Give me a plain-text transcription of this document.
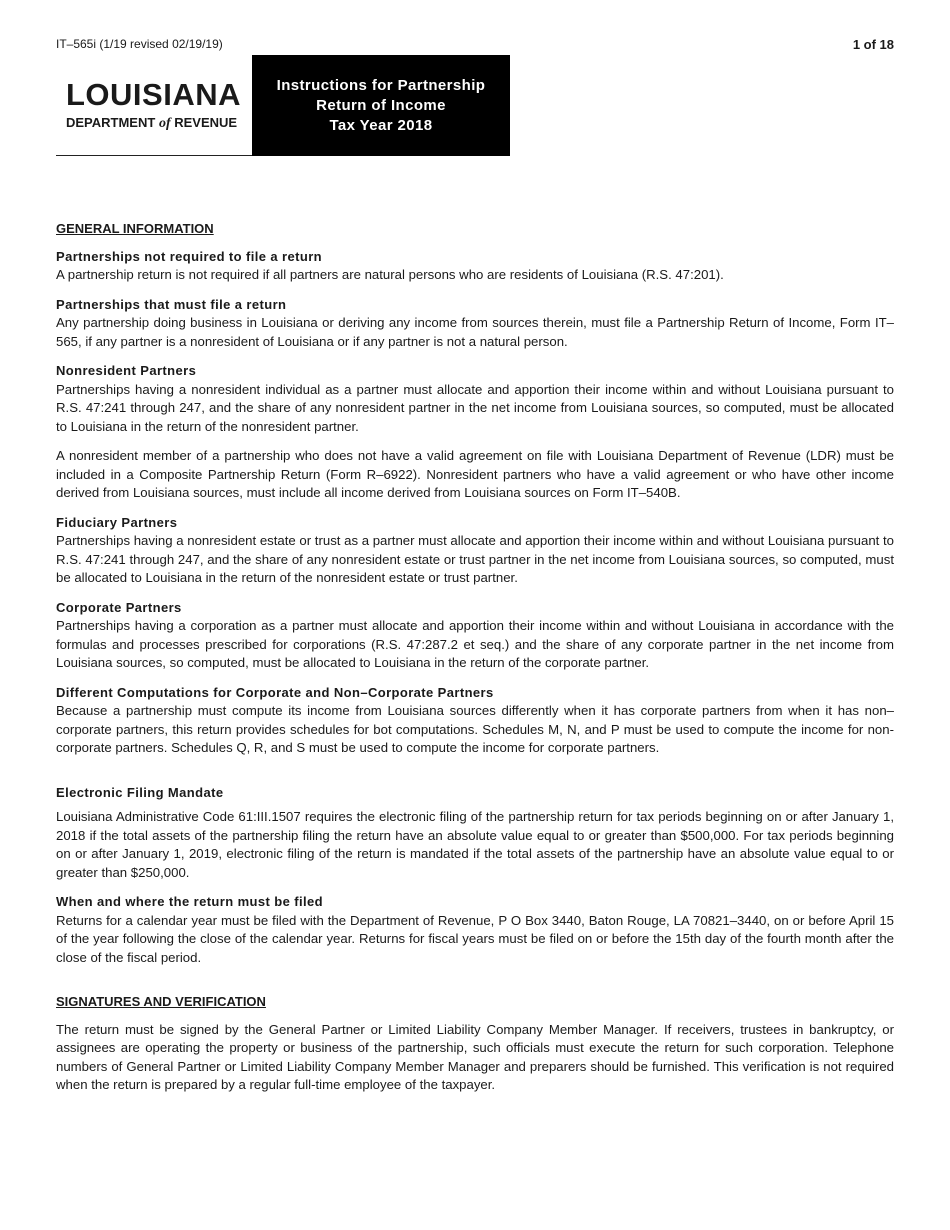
IT–565i (1/19 revised 02/19/19)	1 of 18
LOUISIANA
DEPARTMENT of REVENUE
Instructions for Partnership
Return of Income
Tax Year 2018

GENERAL INFORMATION

Partnerships not required to file a return

A partnership return is not required if all partners are natural persons who are residents of Louisiana (R.S. 47:201).

Partnerships that must file a return

Any partnership doing business in Louisiana or deriving any income from sources therein, must file a Partnership Return of Income, Form IT–565, if any partner is a nonresident of Louisiana or if any partner is not a natural person.

Nonresident Partners

Partnerships having a nonresident individual as a partner must allocate and apportion their income within and without Louisiana pursuant to R.S. 47:241 through 247, and the share of any nonresident partner in the net income from Louisiana sources, so computed, must be allocated to Louisiana in the return of the nonresident partner.

A nonresident member of a partnership who does not have a valid agreement on file with Louisiana Department of Revenue (LDR) must be included in a Composite Partnership Return (Form R–6922). Nonresident partners who have a valid agreement or who have other income derived from Louisiana sources, must include all income derived from Louisiana sources on Form IT–540B.

Fiduciary Partners

Partnerships having a nonresident estate or trust as a partner must allocate and apportion their income within and without Louisiana pursuant to R.S. 47:241 through 247, and the share of any nonresident estate or trust partner in the net income from Louisiana sources, so computed, must be allocated to Louisiana in the return of the nonresident estate or trust partner.

Corporate Partners

Partnerships having a corporation as a partner must allocate and apportion their income within and without Louisiana in accordance with the formulas and processes prescribed for corporations (R.S. 47:287.2 et seq.) and the share of any corporate partner in the net income from Louisiana sources, so computed, must be allocated to Louisiana in the return of the corporate partner.

Different Computations for Corporate and Non–Corporate Partners

Because a partnership must compute its income from Louisiana sources differently when it has corporate partners from when it has non–corporate partners, this return provides schedules for bot computations. Schedules M, N, and P must be used to compute the income for non-corporate partners. Schedules Q, R, and S must be used to compute the income for corporate partners.

Electronic Filing Mandate

Louisiana Administrative Code 61:III.1507 requires the electronic filing of the partnership return for tax periods beginning on or after January 1, 2018 if the total assets of the partnership filing the return have an absolute value equal to or greater than $500,000. For tax periods beginning on or after January 1, 2019, electronic filing of the return is mandated if the total assets of the partnership have an absolute value equal to or greater than $250,000.

When and where the return must be filed

Returns for a calendar year must be filed with the Department of Revenue, P O Box 3440, Baton Rouge, LA 70821–3440, on or before April 15 of the year following the close of the calendar year. Returns for fiscal years must be filed on or before the 15th day of the fourth month after the close of the fiscal period.

SIGNATURES AND VERIFICATION

The return must be signed by the General Partner or Limited Liability Company Member Manager. If receivers, trustees in bankruptcy, or assignees are operating the property or business of the partnership, such officials must execute the return for such corporation. Telephone numbers of General Partner or Limited Liability Company Member Manager and preparers should be furnished. This verification is not required when the return is prepared by a regular full-time employee of the taxpayer.
